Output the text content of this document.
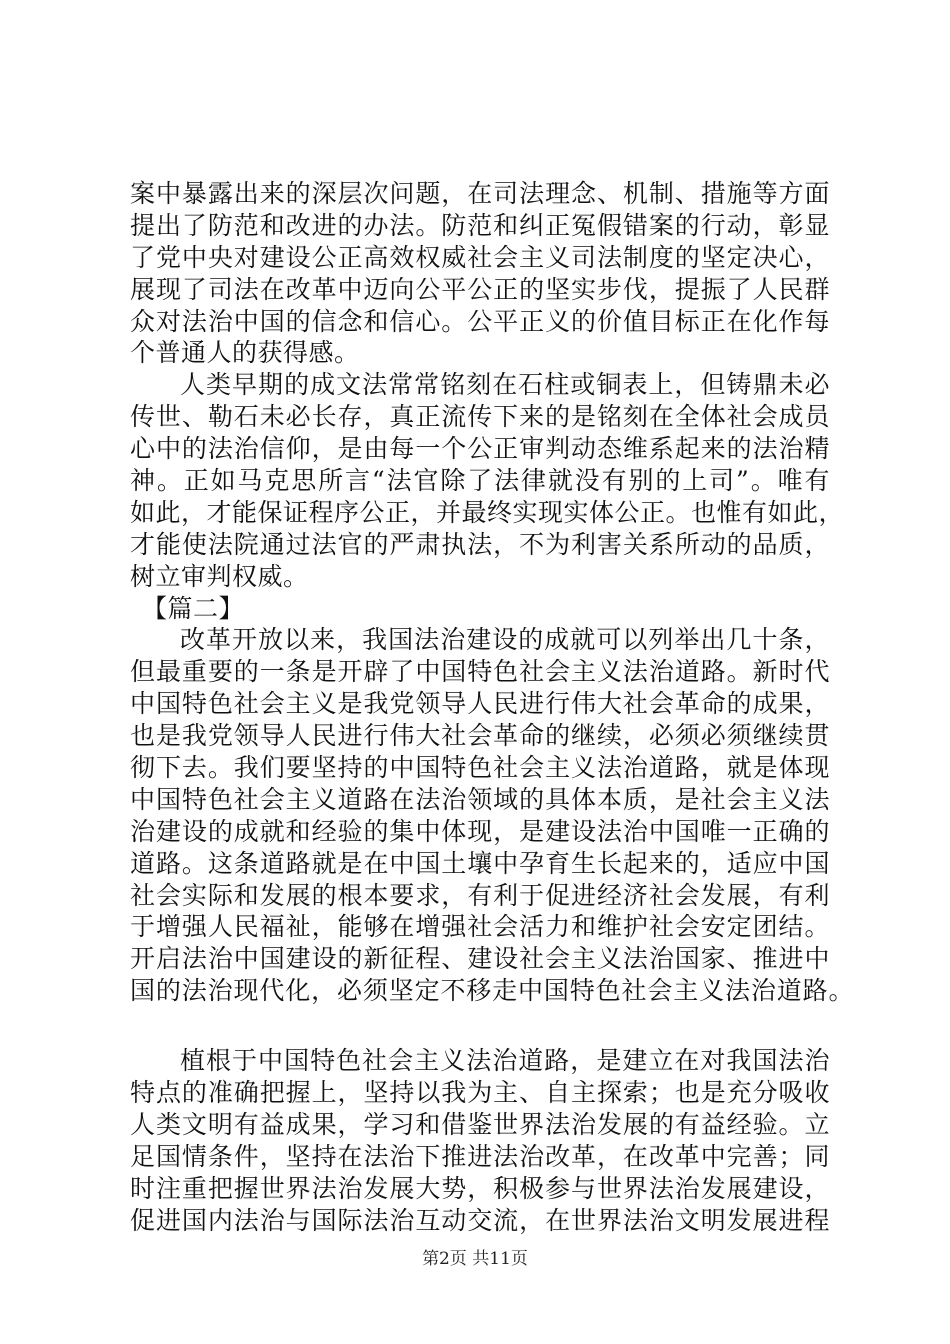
案中暴露出来的深层次问题，在司法理念、机制、措施等方面
提出了防范和改进的办法。防范和纠正冤假错案的行动，彰显
了党中央对建设公正高效权威社会主义司法制度的坚定决心，
展现了司法在改革中迈向公平公正的坚实步伐，提振了人民群
众对法治中国的信念和信心。公平正义的价值目标正在化作每
个普通人的获得感。
人类早期的成文法常常铭刻在石柱或铜表上，但铸鼎未必
传世、勒石未必长存，真正流传下来的是铭刻在全体社会成员
心中的法治信仰，是由每一个公正审判动态维系起来的法治精
神。正如马克思所言“法官除了法律就没有别的上司”。唯有
如此，才能保证程序公正，并最终实现实体公正。也惟有如此，
才能使法院通过法官的严肃执法，不为利害关系所动的品质，
树立审判权威。
【篇二】
改革开放以来，我国法治建设的成就可以列举出几十条，
但最重要的一条是开辟了中国特色社会主义法治道路。新时代
中国特色社会主义是我党领导人民进行伟大社会革命的成果，
也是我党领导人民进行伟大社会革命的继续，必须必须继续贯
彻下去。我们要坚持的中国特色社会主义法治道路，就是体现
中国特色社会主义道路在法治领域的具体本质，是社会主义法
治建设的成就和经验的集中体现，是建设法治中国唯一正确的
道路。这条道路就是在中国土壤中孕育生长起来的，适应中国
社会实际和发展的根本要求，有利于促进经济社会发展，有利
于增强人民福祉，能够在增强社会活力和维护社会安定团结。
开启法治中国建设的新征程、建设社会主义法治国家、推进中
国的法治现代化，必须坚定不移走中国特色社会主义法治道路。
植根于中国特色社会主义法治道路，是建立在对我国法治
特点的准确把握上，坚持以我为主、自主探索；也是充分吸收
人类文明有益成果，学习和借鉴世界法治发展的有益经验。立
足国情条件，坚持在法治下推进法治改革，在改革中完善；同
时注重把握世界法治发展大势，积极参与世界法治发展建设，
促进国内法治与国际法治互动交流，在世界法治文明发展进程
第2页 共11页
